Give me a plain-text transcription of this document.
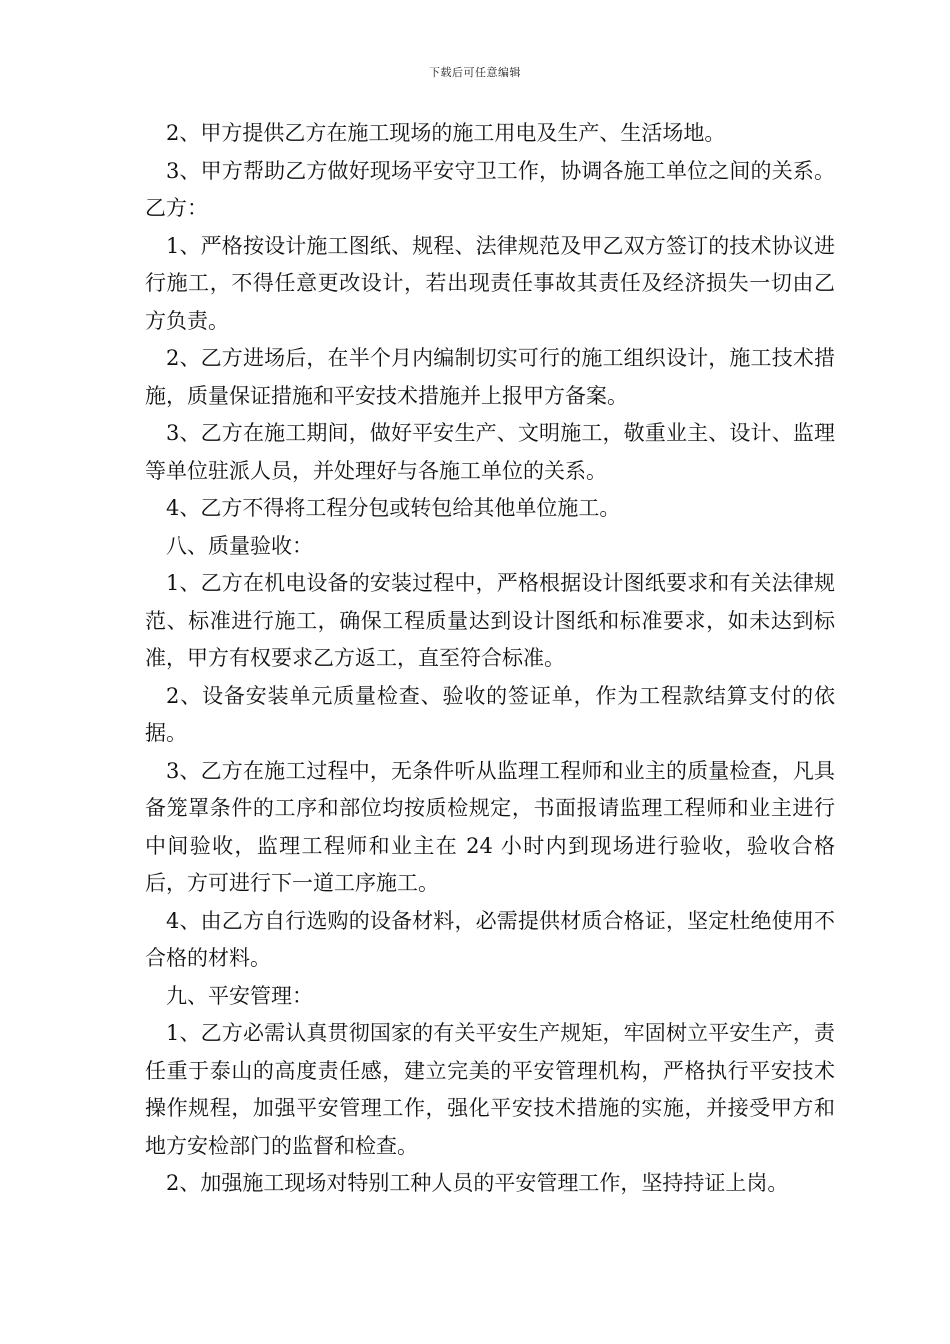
下载后可任意编辑

2、甲方提供乙方在施工现场的施工用电及生产、生活场地。

3、甲方帮助乙方做好现场平安守卫工作，协调各施工单位之间的关系。 乙方：

1、严格按设计施工图纸、规程、法律规范及甲乙双方签订的技术协议进行施工，不得任意更改设计，若出现责任事故其责任及经济损失一切由乙方负责。

2、乙方进场后，在半个月内编制切实可行的施工组织设计，施工技术措施，质量保证措施和平安技术措施并上报甲方备案。

3、乙方在施工期间，做好平安生产、文明施工，敬重业主、设计、监理等单位驻派人员，并处理好与各施工单位的关系。

4、乙方不得将工程分包或转包给其他单位施工。

八、质量验收：

1、乙方在机电设备的安装过程中，严格根据设计图纸要求和有关法律规范、标准进行施工，确保工程质量达到设计图纸和标准要求，如未达到标准，甲方有权要求乙方返工，直至符合标准。

2、设备安装单元质量检查、验收的签证单，作为工程款结算支付的依据。

3、乙方在施工过程中，无条件听从监理工程师和业主的质量检查，凡具备笼罩条件的工序和部位均按质检规定，书面报请监理工程师和业主进行中间验收，监理工程师和业主在 24 小时内到现场进行验收，验收合格后，方可进行下一道工序施工。

4、由乙方自行选购的设备材料，必需提供材质合格证，坚定杜绝使用不合格的材料。

九、平安管理：

1、乙方必需认真贯彻国家的有关平安生产规矩，牢固树立平安生产，责任重于泰山的高度责任感，建立完美的平安管理机构，严格执行平安技术操作规程，加强平安管理工作，强化平安技术措施的实施，并接受甲方和地方安检部门的监督和检查。

2、加强施工现场对特别工种人员的平安管理工作，坚持持证上岗。
